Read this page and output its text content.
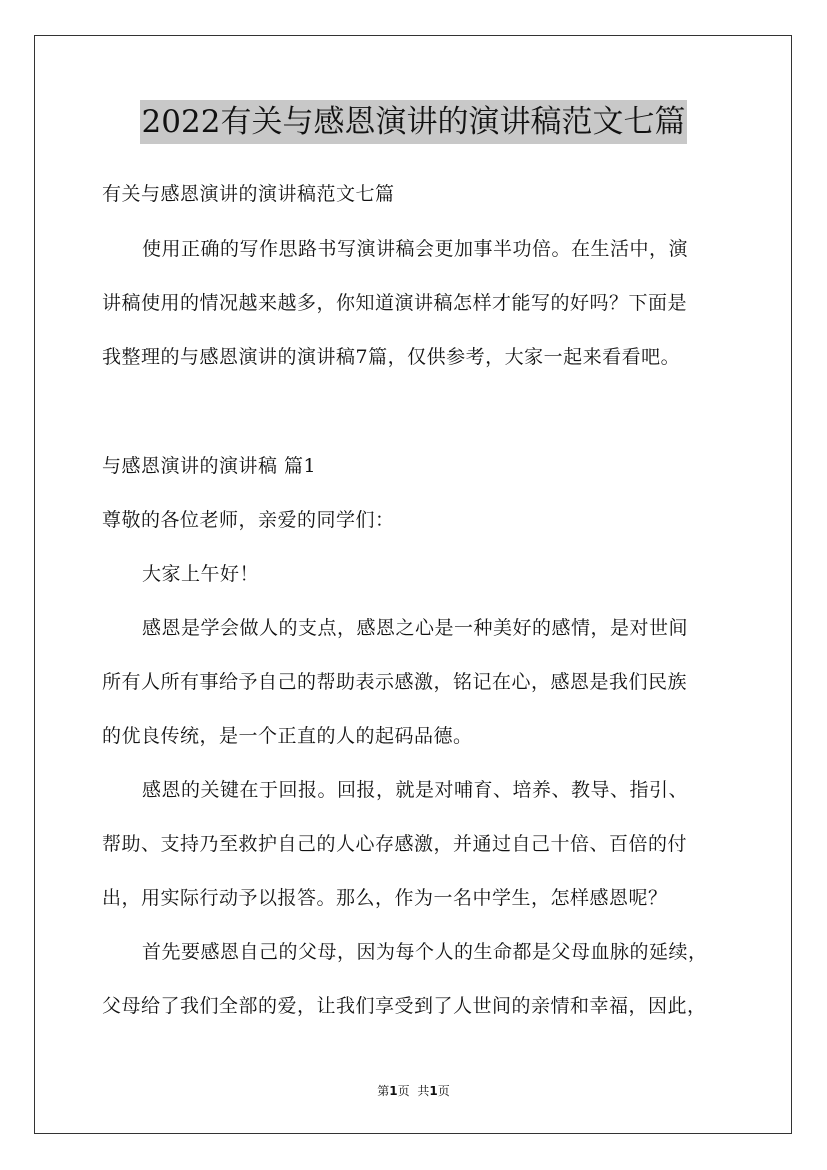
2022有关与感恩演讲的演讲稿范文七篇
有关与感恩演讲的演讲稿范文七篇
使用正确的写作思路书写演讲稿会更加事半功倍。在生活中，演
讲稿使用的情况越来越多，你知道演讲稿怎样才能写的好吗？下面是
我整理的与感恩演讲的演讲稿7篇，仅供参考，大家一起来看看吧。
与感恩演讲的演讲稿 篇1
尊敬的各位老师，亲爱的同学们：
大家上午好！
感恩是学会做人的支点，感恩之心是一种美好的感情，是对世间
所有人所有事给予自己的帮助表示感激，铭记在心，感恩是我们民族
的优良传统，是一个正直的人的起码品德。
感恩的关键在于回报。回报，就是对哺育、培养、教导、指引、
帮助、支持乃至救护自己的人心存感激，并通过自己十倍、百倍的付
出，用实际行动予以报答。那么，作为一名中学生，怎样感恩呢？
首先要感恩自己的父母，因为每个人的生命都是父母血脉的延续，
父母给了我们全部的爱，让我们享受到了人世间的亲情和幸福，因此，
第1页 共1页
